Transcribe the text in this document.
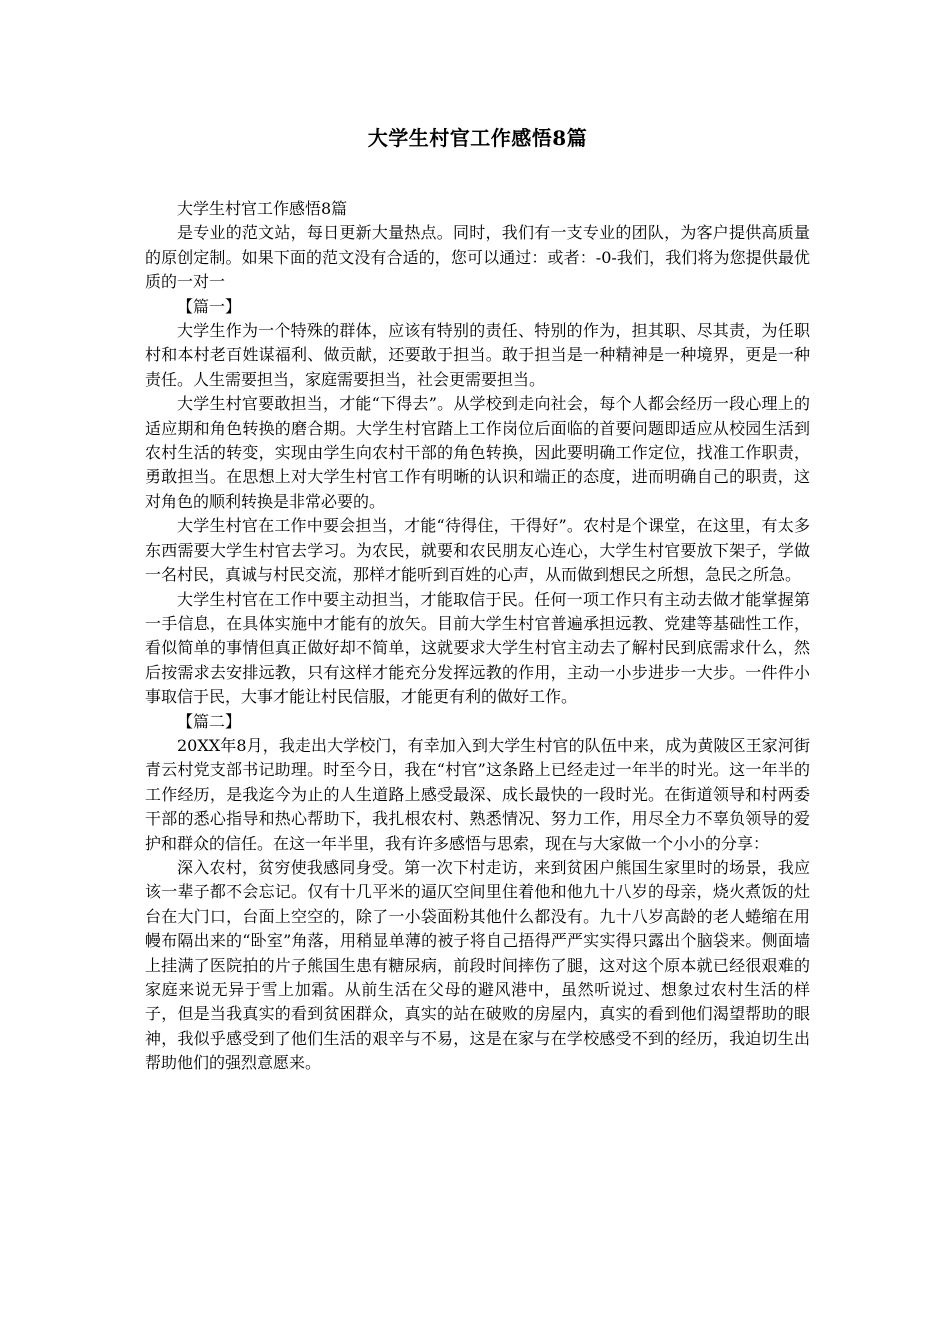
大学生村官工作感悟8篇

大学生村官工作感悟8篇

是专业的范文站，每日更新大量热点。同时，我们有一支专业的团队，为客户提供高质量的原创定制。如果下面的范文没有合适的，您可以通过：或者：-0-我们，我们将为您提供最优质的一对一

【篇一】

大学生作为一个特殊的群体，应该有特别的责任、特别的作为，担其职、尽其责，为任职村和本村老百姓谋福利、做贡献，还要敢于担当。敢于担当是一种精神是一种境界，更是一种责任。人生需要担当，家庭需要担当，社会更需要担当。

大学生村官要敢担当，才能“下得去”。从学校到走向社会，每个人都会经历一段心理上的适应期和角色转换的磨合期。大学生村官踏上工作岗位后面临的首要问题即适应从校园生活到农村生活的转变，实现由学生向农村干部的角色转换，因此要明确工作定位，找准工作职责，勇敢担当。在思想上对大学生村官工作有明晰的认识和端正的态度，进而明确自己的职责，这对角色的顺利转换是非常必要的。

大学生村官在工作中要会担当，才能“待得住，干得好”。农村是个课堂，在这里，有太多东西需要大学生村官去学习。为农民，就要和农民朋友心连心，大学生村官要放下架子，学做一名村民，真诚与村民交流，那样才能听到百姓的心声，从而做到想民之所想，急民之所急。

大学生村官在工作中要主动担当，才能取信于民。任何一项工作只有主动去做才能掌握第一手信息，在具体实施中才能有的放矢。目前大学生村官普遍承担远教、党建等基础性工作，看似简单的事情但真正做好却不简单，这就要求大学生村官主动去了解村民到底需求什么，然后按需求去安排远教，只有这样才能充分发挥远教的作用，主动一小步进步一大步。一件件小事取信于民，大事才能让村民信服，才能更有利的做好工作。

【篇二】

20XX年8月，我走出大学校门，有幸加入到大学生村官的队伍中来，成为黄陂区王家河街青云村党支部书记助理。时至今日，我在“村官”这条路上已经走过一年半的时光。这一年半的工作经历，是我迄今为止的人生道路上感受最深、成长最快的一段时光。在街道领导和村两委干部的悉心指导和热心帮助下，我扎根农村、熟悉情况、努力工作，用尽全力不辜负领导的爱护和群众的信任。在这一年半里，我有许多感悟与思索，现在与大家做一个小小的分享：

深入农村，贫穷使我感同身受。第一次下村走访，来到贫困户熊国生家里时的场景，我应该一辈子都不会忘记。仅有十几平米的逼仄空间里住着他和他九十八岁的母亲，烧火煮饭的灶台在大门口，台面上空空的，除了一小袋面粉其他什么都没有。九十八岁高龄的老人蜷缩在用幔布隔出来的“卧室”角落，用稍显单薄的被子将自己捂得严严实实得只露出个脑袋来。侧面墙上挂满了医院拍的片子熊国生患有糖尿病，前段时间摔伤了腿，这对这个原本就已经很艰难的家庭来说无异于雪上加霜。从前生活在父母的避风港中，虽然听说过、想象过农村生活的样子，但是当我真实的看到贫困群众，真实的站在破败的房屋内，真实的看到他们渴望帮助的眼神，我似乎感受到了他们生活的艰辛与不易，这是在家与在学校感受不到的经历，我迫切生出帮助他们的强烈意愿来。
